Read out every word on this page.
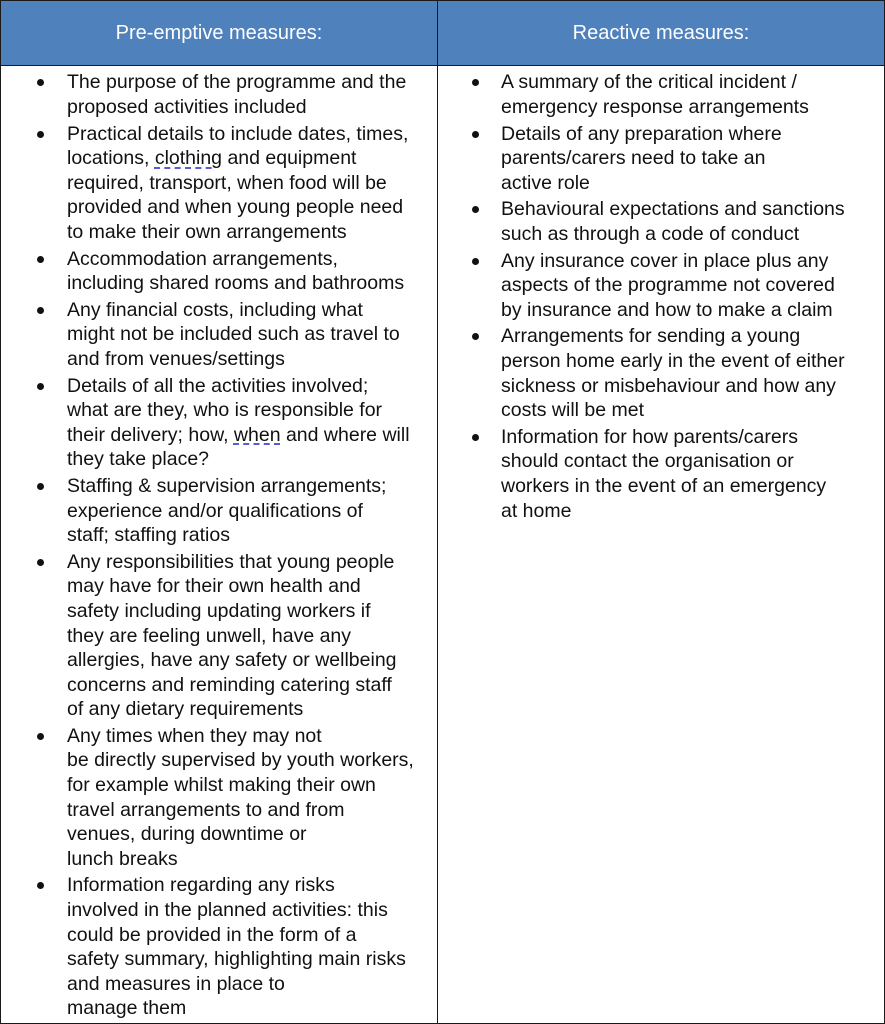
Pre-emptive measures:	Reactive measures:
The purpose of the programme and the
proposed activities included
Practical details to include dates, times,
locations, clothing and equipment
required, transport, when food will be
provided and when young people need
to make their own arrangements
Accommodation arrangements,
including shared rooms and bathrooms
Any financial costs, including what
might not be included such as travel to
and from venues/settings
Details of all the activities involved;
what are they, who is responsible for
their delivery; how, when and where will
they take place?
Staffing & supervision arrangements;
experience and/or qualifications of
staff; staffing ratios
Any responsibilities that young people
may have for their own health and
safety including updating workers if
they are feeling unwell, have any
allergies, have any safety or wellbeing
concerns and reminding catering staff
of any dietary requirements
Any times when they may not
be directly supervised by youth workers,
for example whilst making their own
travel arrangements to and from
venues, during downtime or
lunch breaks
Information regarding any risks
involved in the planned activities: this
could be provided in the form of a
safety summary, highlighting main risks
and measures in place to
manage them
A summary of the critical incident /
emergency response arrangements
Details of any preparation where
parents/carers need to take an
active role
Behavioural expectations and sanctions
such as through a code of conduct
Any insurance cover in place plus any
aspects of the programme not covered
by insurance and how to make a claim
Arrangements for sending a young
person home early in the event of either
sickness or misbehaviour and how any
costs will be met
Information for how parents/carers
should contact the organisation or
workers in the event of an emergency
at home
